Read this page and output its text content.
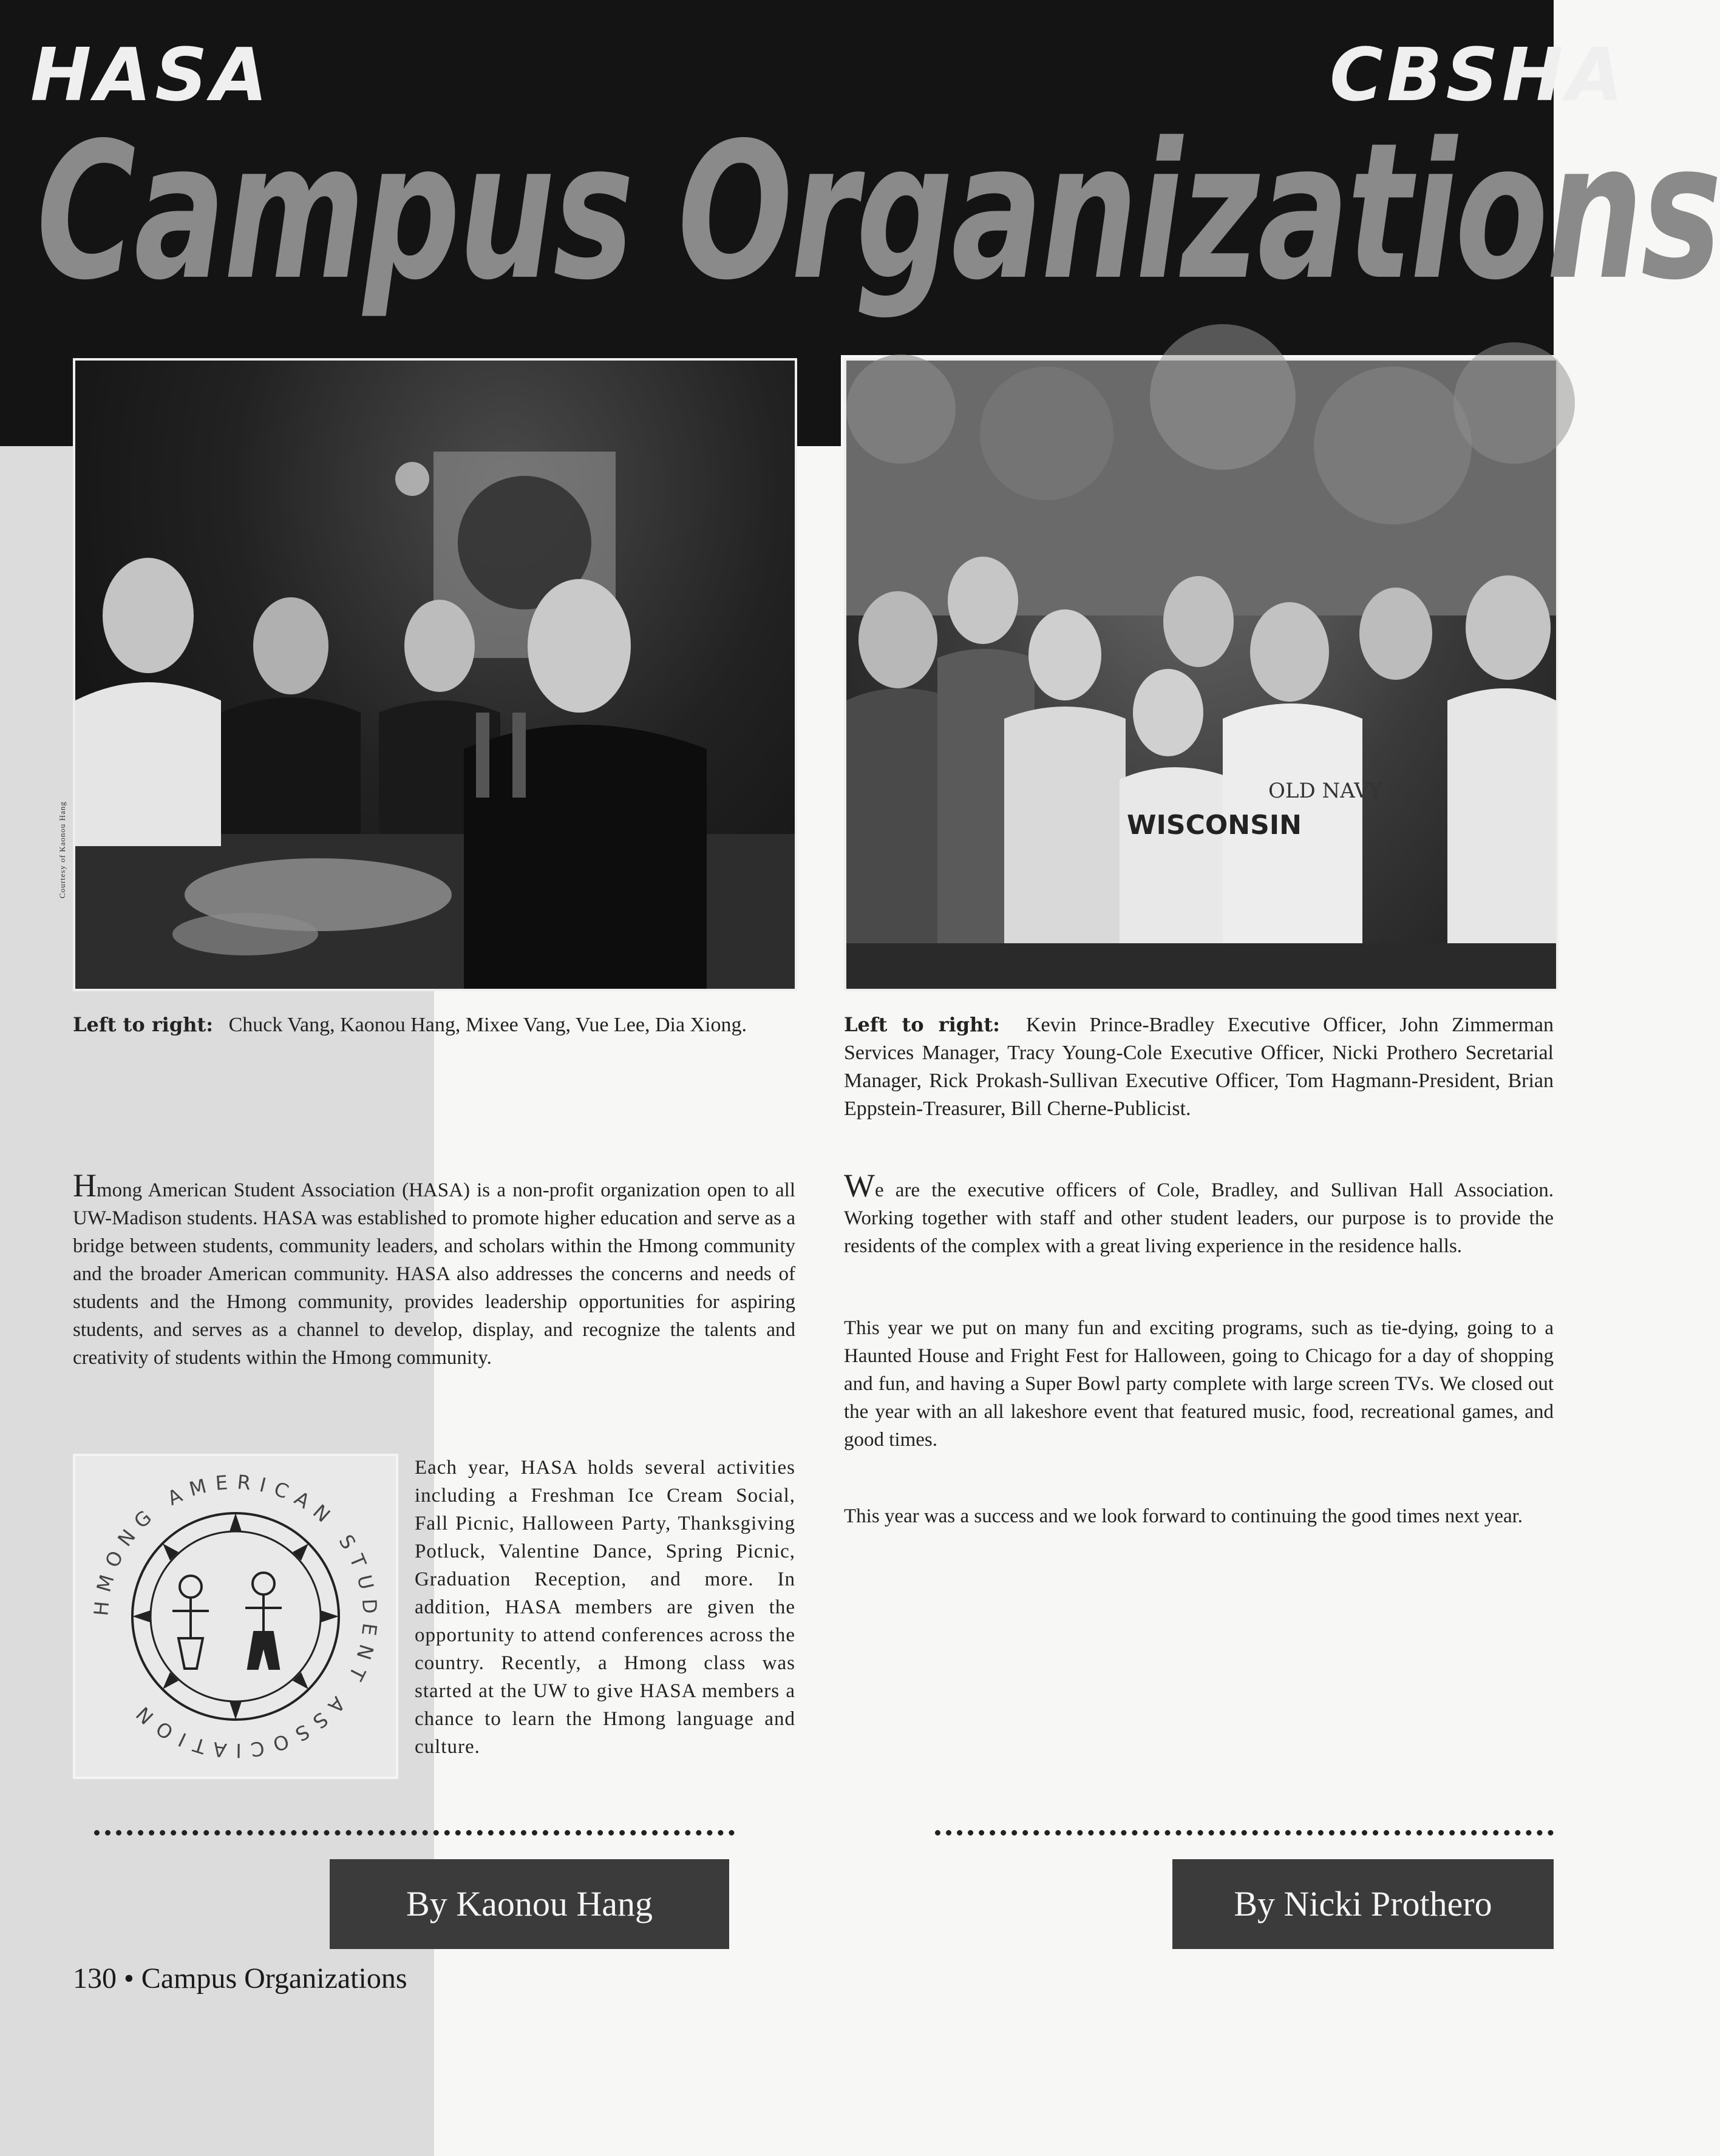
HASA	CBSHA
Campus Organizations
Courtesy of Kaonou Hang	WISCONSIN
OLD NAVY
Left to right: Chuck Vang, Kaonou Hang, Mixee Vang, Vue Lee, Dia Xiong.	Left to right: Kevin Prince-Bradley Executive Officer, John Zimmerman Services Manager, Tracy Young-Cole Executive Officer, Nicki Prothero Secretarial Manager, Rick Prokash-Sullivan Executive Officer, Tom Hagmann-President, Brian Eppstein-Treasurer, Bill Cherne-Publicist.
Hmong American Student Association (HASA) is a non-profit organization open to all UW-Madison students. HASA was established to promote higher education and serve as a bridge between students, community leaders, and scholars within the Hmong community and the broader American community. HASA also addresses the concerns and needs of students and the Hmong community, provides leadership opportunities for aspiring students, and serves as a channel to develop, display, and recognize the talents and creativity of students within the Hmong community.
HMONG AMERICAN STUDENT ASSOCIATION
Each year, HASA holds several activities including a Freshman Ice Cream Social, Fall Picnic, Halloween Party, Thanksgiving Potluck, Valentine Dance, Spring Picnic, Graduation Reception, and more. In addition, HASA members are given the opportunity to attend conferences across the country. Recently, a Hmong class was started at the UW to give HASA members a chance to learn the Hmong language and culture.
We are the executive officers of Cole, Bradley, and Sullivan Hall Association. Working together with staff and other student leaders, our purpose is to provide the residents of the complex with a great living experience in the residence halls.
This year we put on many fun and exciting programs, such as tie-dying, going to a Haunted House and Fright Fest for Halloween, going to Chicago for a day of shopping and fun, and having a Super Bowl party complete with large screen TVs. We closed out the year with an all lakeshore event that featured music, food, recreational games, and good times.
This year was a success and we look forward to continuing the good times next year.
By Kaonou Hang	By Nicki Prothero
130 • Campus Organizations
